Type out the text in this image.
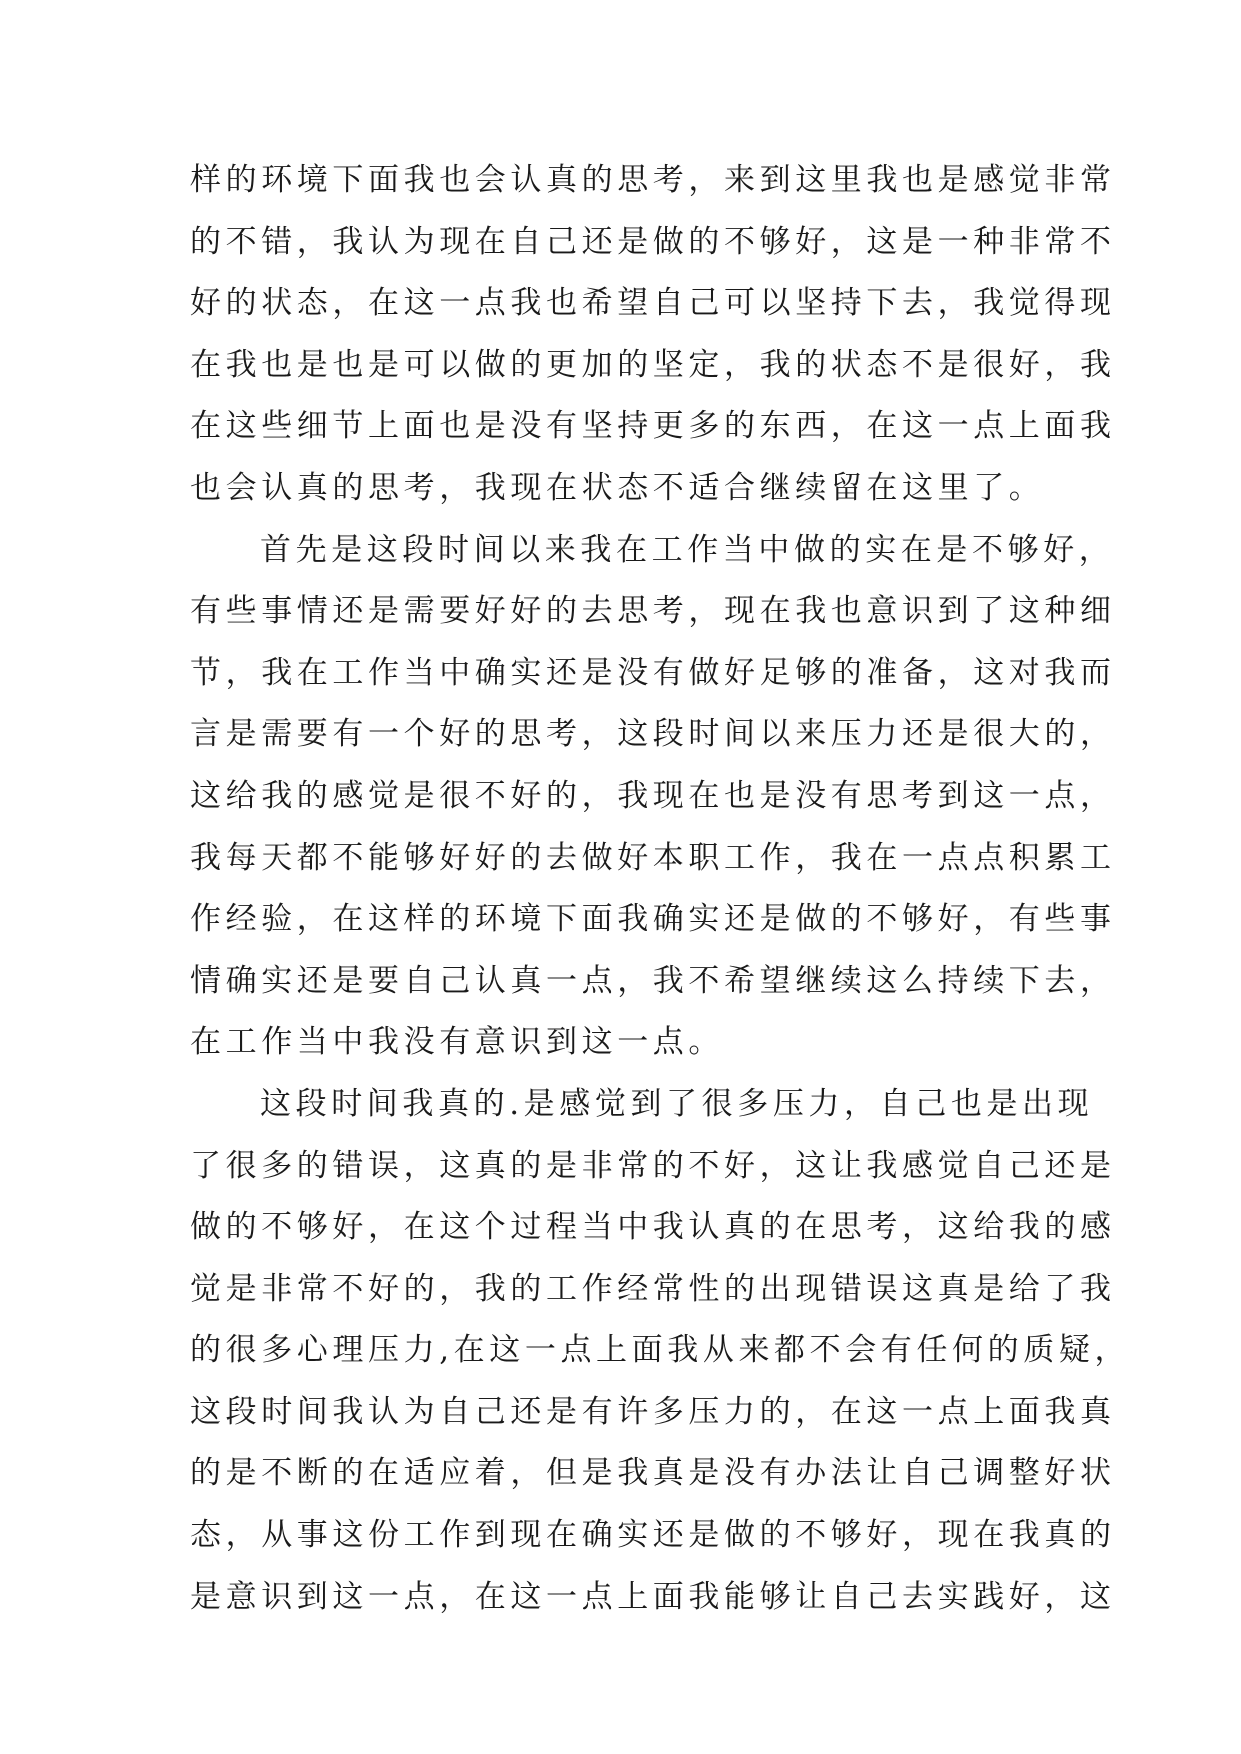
样的环境下面我也会认真的思考，来到这里我也是感觉非常
的不错，我认为现在自己还是做的不够好，这是一种非常不
好的状态，在这一点我也希望自己可以坚持下去，我觉得现
在我也是也是可以做的更加的坚定，我的状态不是很好，我
在这些细节上面也是没有坚持更多的东西，在这一点上面我
也会认真的思考，我现在状态不适合继续留在这里了。
首先是这段时间以来我在工作当中做的实在是不够好，
有些事情还是需要好好的去思考，现在我也意识到了这种细
节，我在工作当中确实还是没有做好足够的准备，这对我而
言是需要有一个好的思考，这段时间以来压力还是很大的，
这给我的感觉是很不好的，我现在也是没有思考到这一点，
我每天都不能够好好的去做好本职工作，我在一点点积累工
作经验，在这样的环境下面我确实还是做的不够好，有些事
情确实还是要自己认真一点，我不希望继续这么持续下去，
在工作当中我没有意识到这一点。
这段时间我真的.是感觉到了很多压力，自己也是出现
了很多的错误，这真的是非常的不好，这让我感觉自己还是
做的不够好，在这个过程当中我认真的在思考，这给我的感
觉是非常不好的，我的工作经常性的出现错误这真是给了我
的很多心理压力,在这一点上面我从来都不会有任何的质疑，
这段时间我认为自己还是有许多压力的，在这一点上面我真
的是不断的在适应着，但是我真是没有办法让自己调整好状
态，从事这份工作到现在确实还是做的不够好，现在我真的
是意识到这一点，在这一点上面我能够让自己去实践好，这
